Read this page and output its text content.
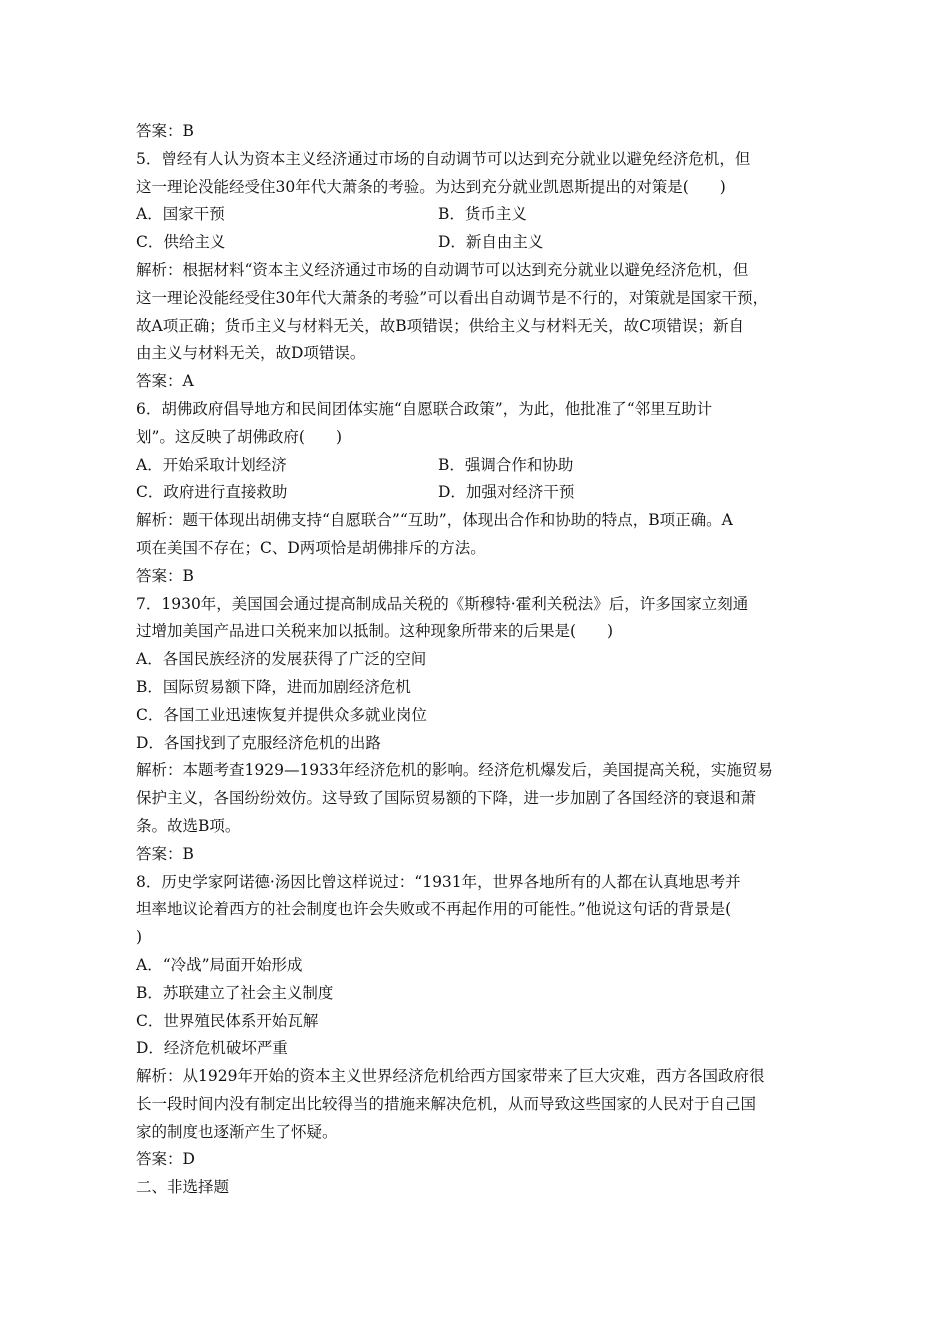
答案：B
5．曾经有人认为资本主义经济通过市场的自动调节可以达到充分就业以避免经济危机，但
这一理论没能经受住30年代大萧条的考验。为达到充分就业凯恩斯提出的对策是(　　)
A．国家干预	B．货币主义
C．供给主义	D．新自由主义
解析：根据材料“资本主义经济通过市场的自动调节可以达到充分就业以避免经济危机，但
这一理论没能经受住30年代大萧条的考验”可以看出自动调节是不行的，对策就是国家干预，
故A项正确；货币主义与材料无关，故B项错误；供给主义与材料无关，故C项错误；新自
由主义与材料无关，故D项错误。
答案：A
6．胡佛政府倡导地方和民间团体实施“自愿联合政策”，为此，他批准了“邻里互助计
划”。这反映了胡佛政府(　　)
A．开始采取计划经济	B．强调合作和协助
C．政府进行直接救助	D．加强对经济干预
解析：题干体现出胡佛支持“自愿联合”“互助”，体现出合作和协助的特点，B项正确。A
项在美国不存在；C、D两项恰是胡佛排斥的方法。
答案：B
7．1930年，美国国会通过提高制成品关税的《斯穆特·霍利关税法》后，许多国家立刻通
过增加美国产品进口关税来加以抵制。这种现象所带来的后果是(　　)
A．各国民族经济的发展获得了广泛的空间
B．国际贸易额下降，进而加剧经济危机
C．各国工业迅速恢复并提供众多就业岗位
D．各国找到了克服经济危机的出路
解析：本题考查1929—1933年经济危机的影响。经济危机爆发后，美国提高关税，实施贸易
保护主义，各国纷纷效仿。这导致了国际贸易额的下降，进一步加剧了各国经济的衰退和萧
条。故选B项。
答案：B
8．历史学家阿诺德·汤因比曾这样说过：“1931年，世界各地所有的人都在认真地思考并
坦率地议论着西方的社会制度也许会失败或不再起作用的可能性。”他说这句话的背景是(
)
A．“冷战”局面开始形成
B．苏联建立了社会主义制度
C．世界殖民体系开始瓦解
D．经济危机破坏严重
解析：从1929年开始的资本主义世界经济危机给西方国家带来了巨大灾难，西方各国政府很
长一段时间内没有制定出比较得当的措施来解决危机，从而导致这些国家的人民对于自己国
家的制度也逐渐产生了怀疑。
答案：D
二、非选择题
